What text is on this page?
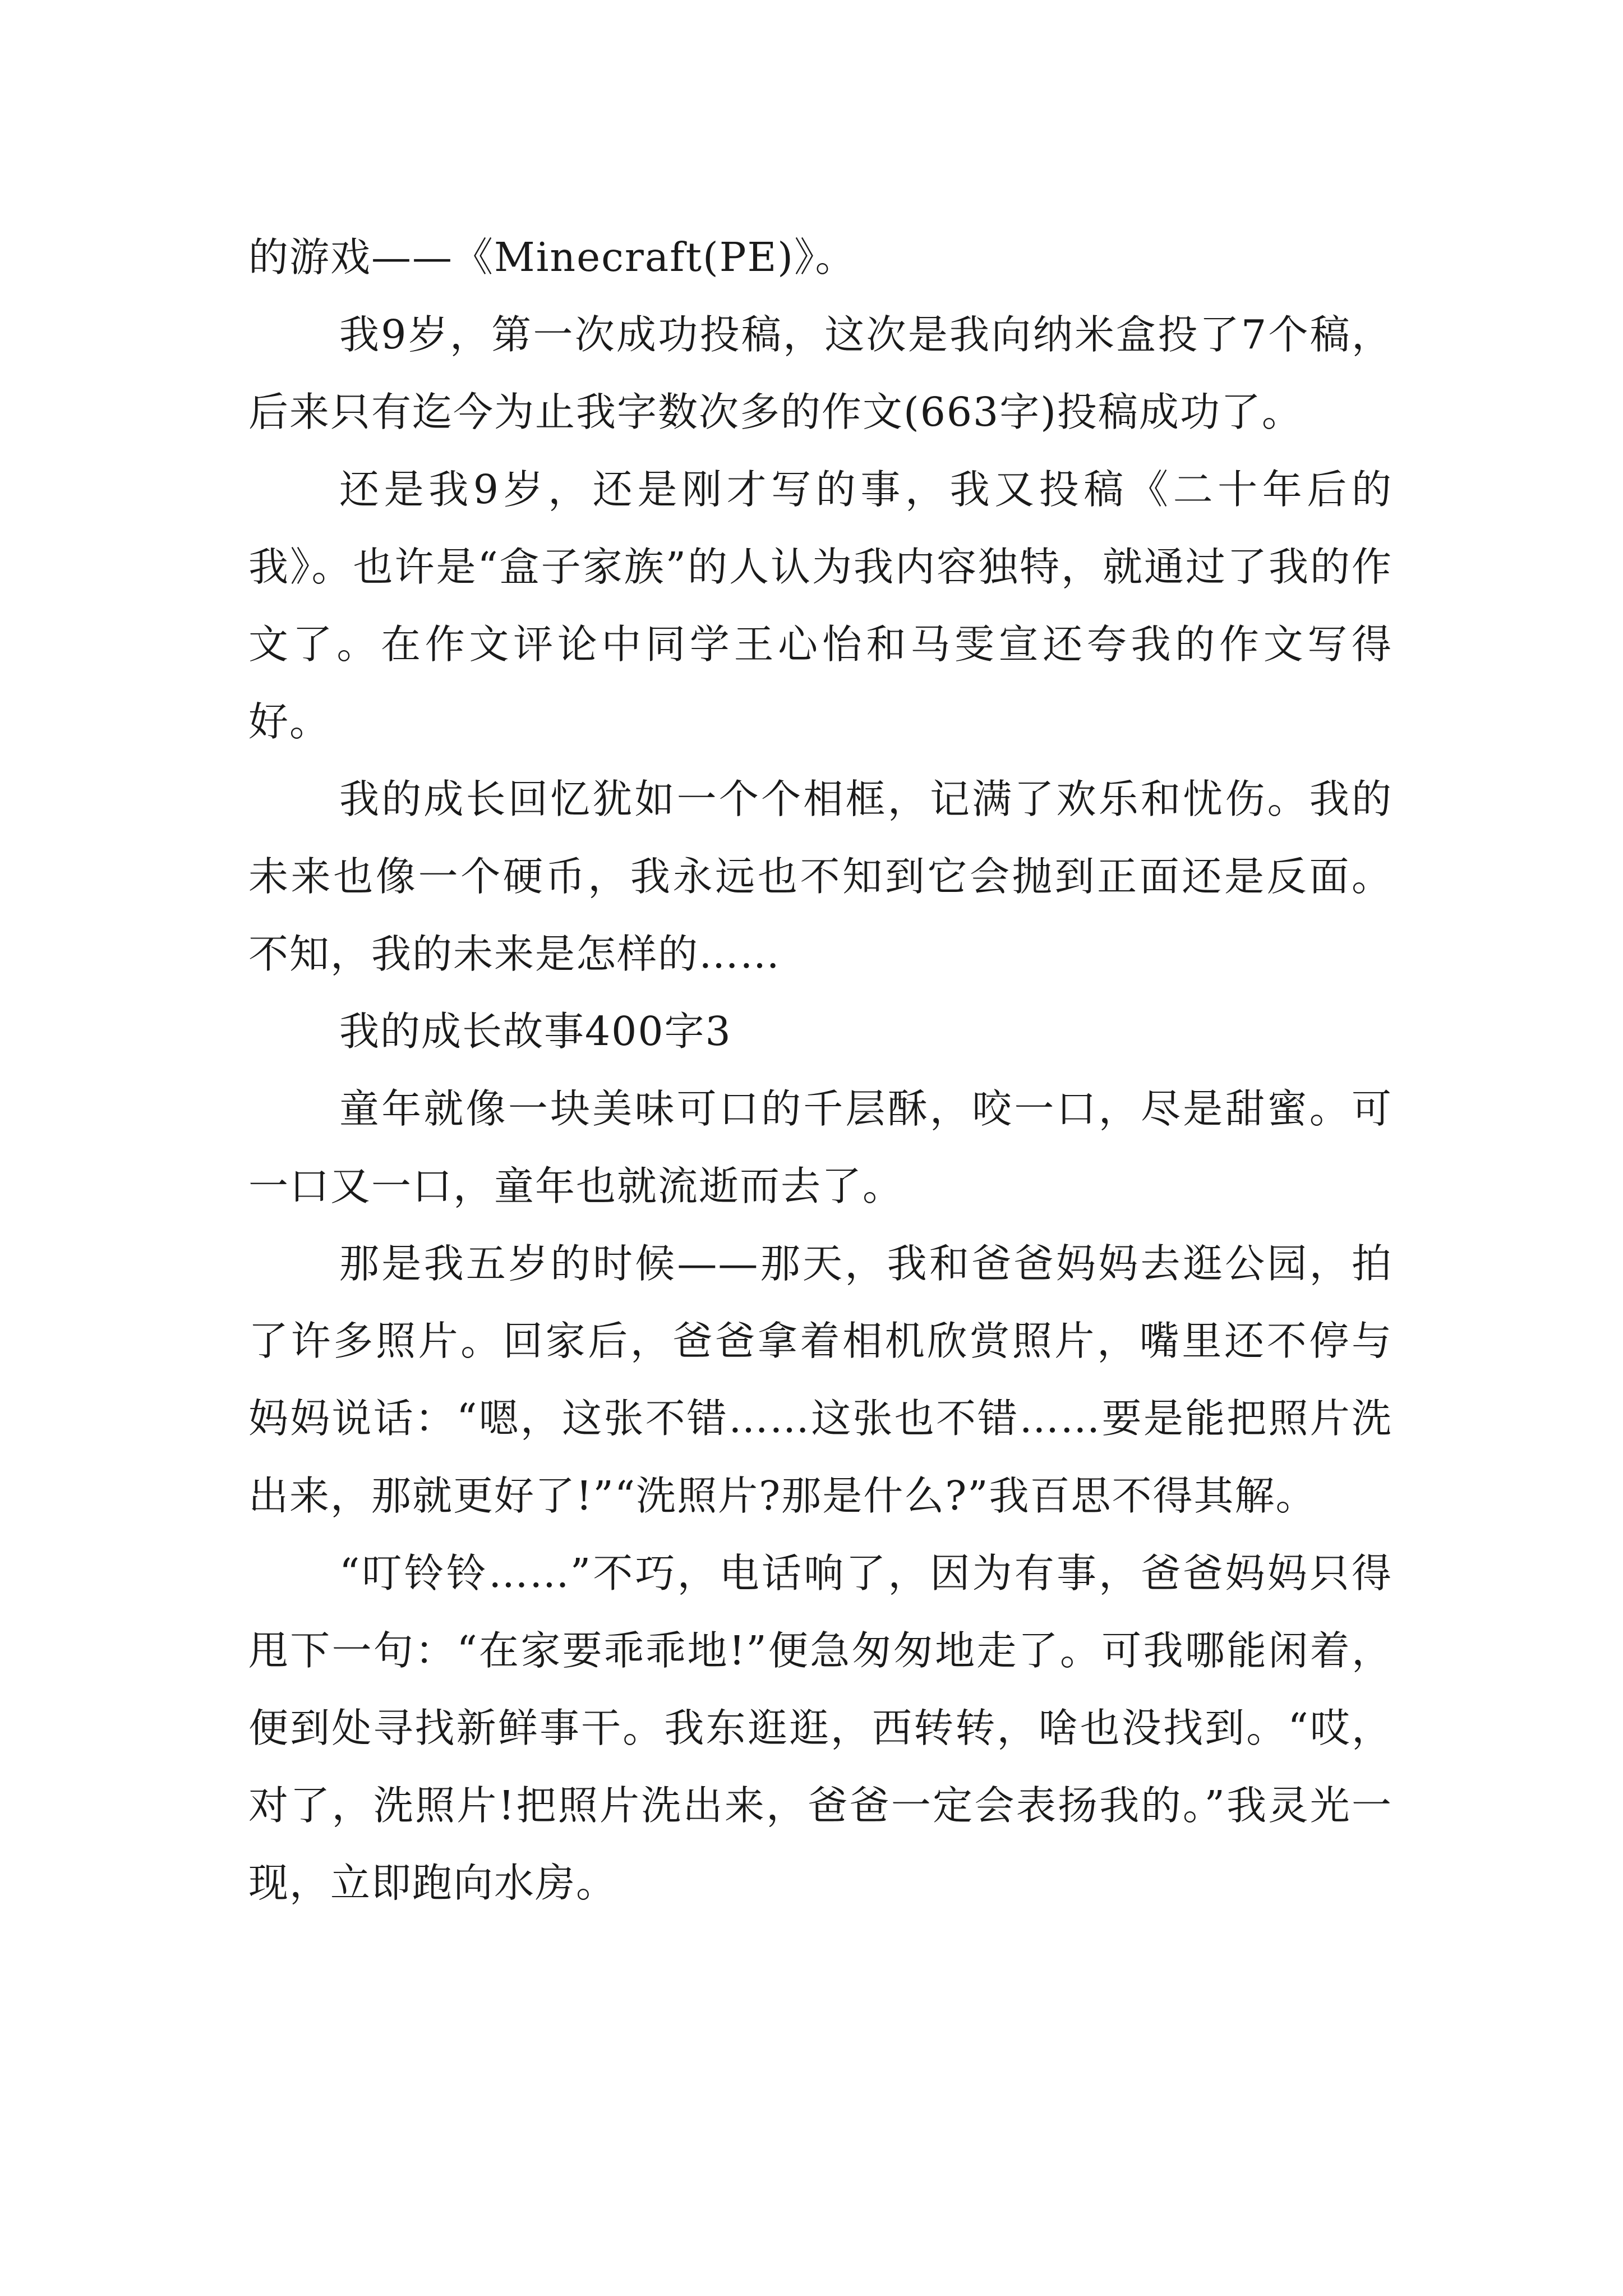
的游戏——《Minecraft(PE)》。

我9岁，第一次成功投稿，这次是我向纳米盒投了7个稿，后来只有迄今为止我字数次多的作文(663字)投稿成功了。

还是我9岁，还是刚才写的事，我又投稿《二十年后的我》。也许是“盒子家族”的人认为我内容独特，就通过了我的作文了。在作文评论中同学王心怡和马雯宣还夸我的作文写得好。

我的成长回忆犹如一个个相框，记满了欢乐和忧伤。我的未来也像一个硬币，我永远也不知到它会抛到正面还是反面。不知，我的未来是怎样的……

我的成长故事400字3

童年就像一块美味可口的千层酥，咬一口，尽是甜蜜。可一口又一口，童年也就流逝而去了。

那是我五岁的时候——那天，我和爸爸妈妈去逛公园，拍了许多照片。回家后，爸爸拿着相机欣赏照片，嘴里还不停与妈妈说话：“嗯，这张不错……这张也不错……要是能把照片洗出来，那就更好了!”“洗照片?那是什么?”我百思不得其解。

“叮铃铃……”不巧，电话响了，因为有事，爸爸妈妈只得甩下一句：“在家要乖乖地!”便急匆匆地走了。可我哪能闲着，便到处寻找新鲜事干。我东逛逛，西转转，啥也没找到。“哎，对了，洗照片!把照片洗出来，爸爸一定会表扬我的。”我灵光一现，立即跑向水房。
